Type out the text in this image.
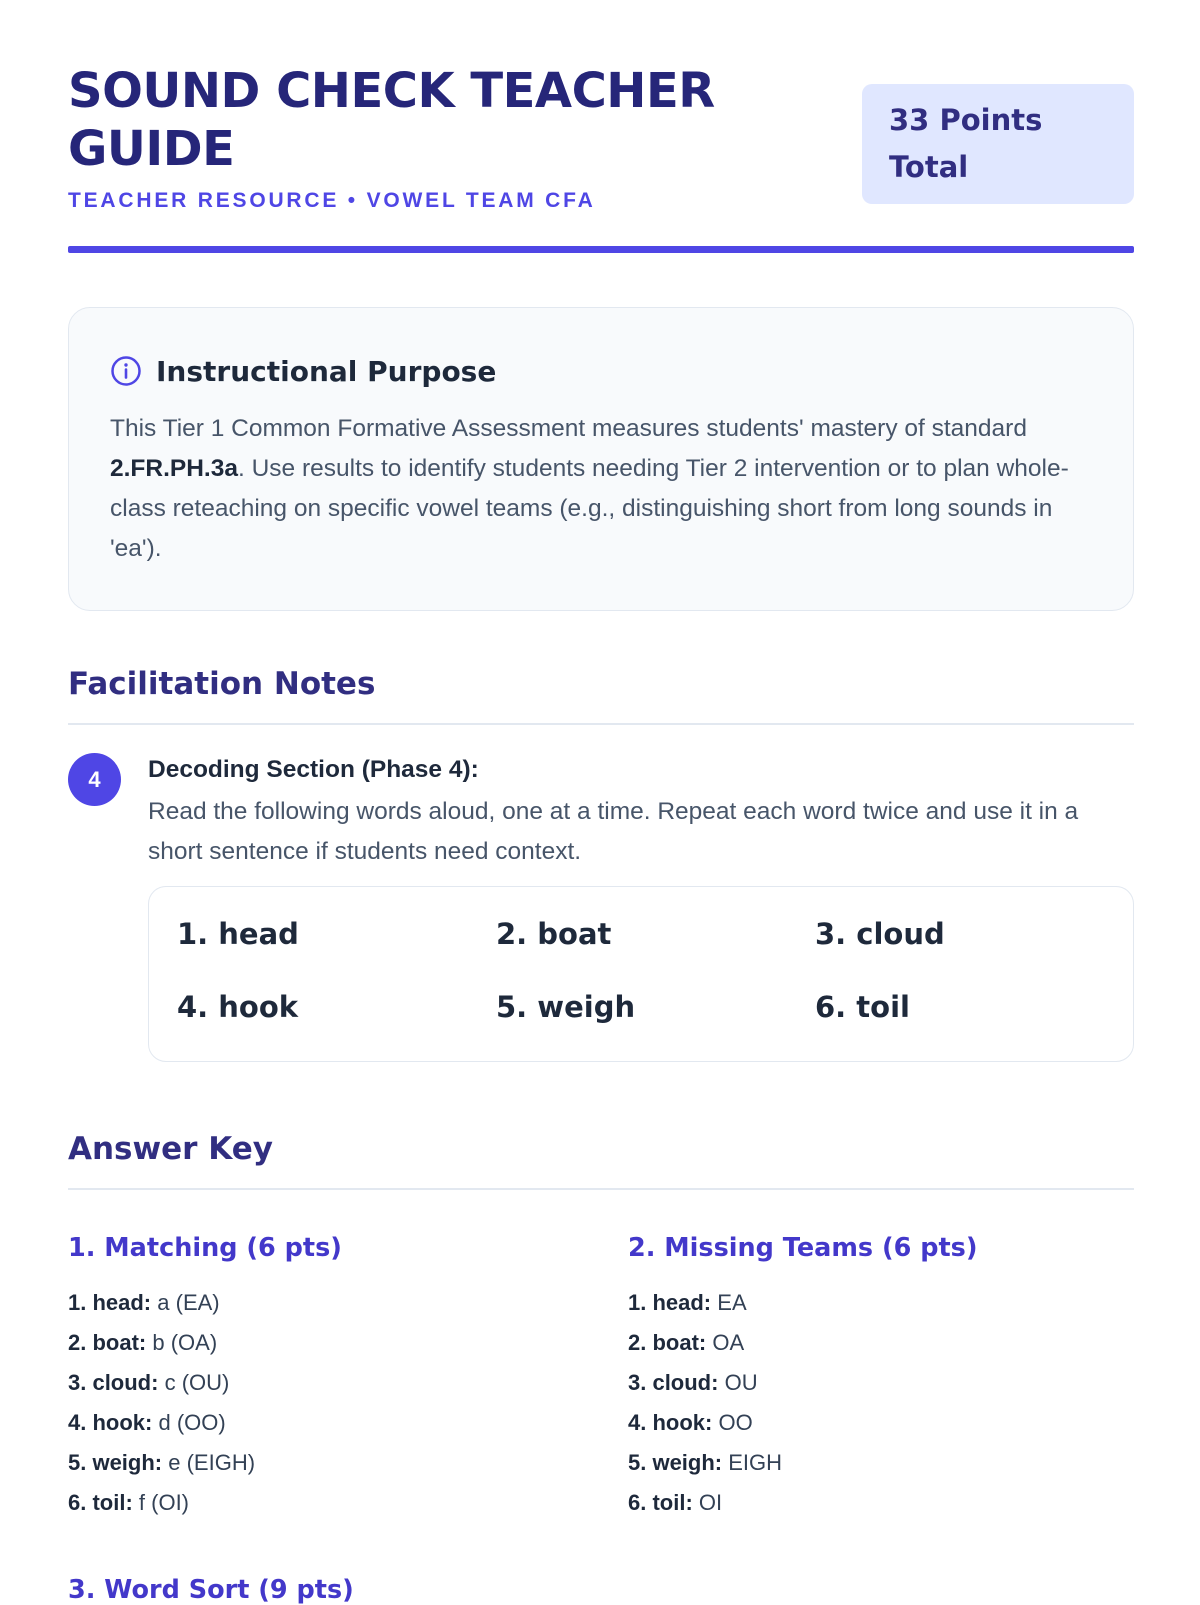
SOUND CHECK TEACHER GUIDE
TEACHER RESOURCE • VOWEL TEAM CFA
33 Points
Total
Instructional Purpose
This Tier 1 Common Formative Assessment measures students' mastery of standard 2.FR.PH.3a. Use results to identify students needing Tier 2 intervention or to plan whole-class reteaching on specific vowel teams (e.g., distinguishing short from long sounds in 'ea').
Facilitation Notes
4	Decoding Section (Phase 4):
Read the following words aloud, one at a time. Repeat each word twice and use it in a short sentence if students need context.
1. head	2. boat	3. cloud
4. hook	5. weigh	6. toil
Answer Key
1. Matching (6 pts)
1. head: a (EA)
2. boat: b (OA)
3. cloud: c (OU)
4. hook: d (OO)
5. weigh: e (EIGH)
6. toil: f (OI)
2. Missing Teams (6 pts)
1. head: EA
2. boat: OA
3. cloud: OU
4. hook: OO
5. weigh: EIGH
6. toil: OI
3. Word Sort (9 pts)
